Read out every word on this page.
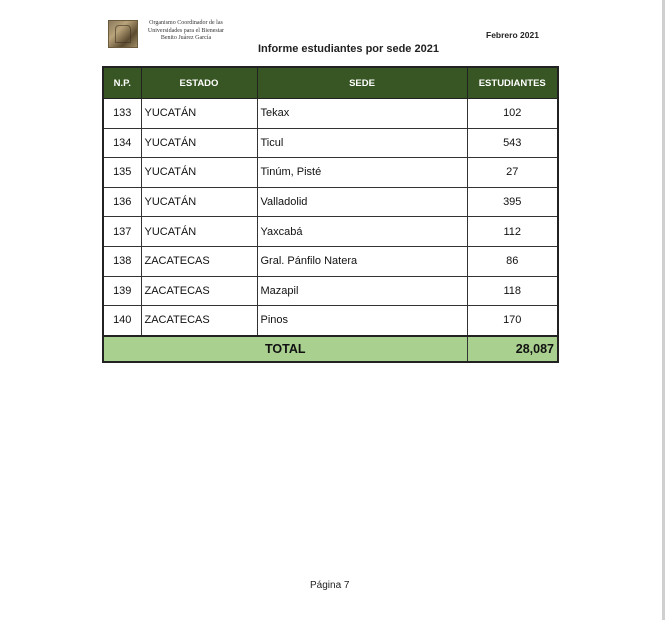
Organismo Coordinador de las
Universidades para el Bienestar
Benito Juárez García	Febrero 2021
Informe estudiantes por sede 2021
N.P.	ESTADO	SEDE	ESTUDIANTES
133	YUCATÁN	Tekax	102
134	YUCATÁN	Ticul	543
135	YUCATÁN	Tinúm, Pisté	27
136	YUCATÁN	Valladolid	395
137	YUCATÁN	Yaxcabá	112
138	ZACATECAS	Gral. Pánfilo Natera	86
139	ZACATECAS	Mazapil	118
140	ZACATECAS	Pinos	170
TOTAL			28,087
Página 7
